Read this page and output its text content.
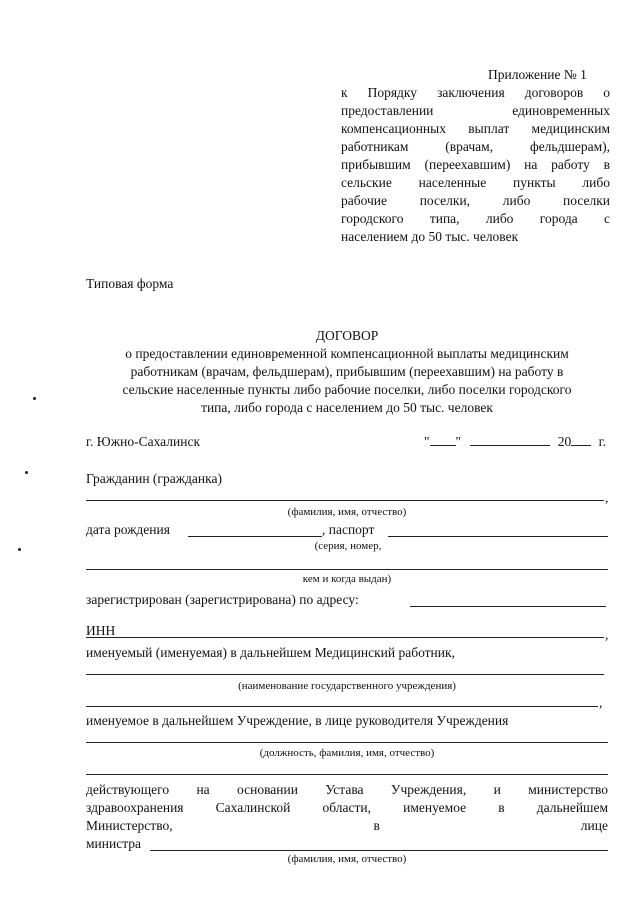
Приложение № 1
к Порядку заключения договоров о
предоставлении единовременных
компенсационных выплат медицинским
работникам (врачам, фельдшерам),
прибывшим (переехавшим) на работу в
сельские населенные пункты либо
рабочие поселки, либо поселки
городского типа, либо города с
населением до 50 тыс. человек
Типовая форма
ДОГОВОР
о предоставлении единовременной компенсационной выплаты медицинским
работникам (врачам, фельдшерам), прибывшим (переехавшим) на работу в
сельские населенные пункты либо рабочие поселки, либо поселки городского
типа, либо города с населением до 50 тыс. человек
г. Южно-Сахалинск	" "	20 г.
Гражданин (гражданка)
,
(фамилия, имя, отчество)
дата рождения	, паспорт
(серия, номер,
кем и когда выдан)
зарегистрирован (зарегистрирована) по адресу:
ИНН	,
именуемый (именуемая) в дальнейшем Медицинский работник,
(наименование государственного учреждения)
,
именуемое в дальнейшем Учреждение, в лице руководителя Учреждения
(должность, фамилия, имя, отчество)
действующего на основании Устава Учреждения, и министерство
здравоохранения Сахалинской области, именуемое в дальнейшем
Министерство, в лице
министра
(фамилия, имя, отчество)
